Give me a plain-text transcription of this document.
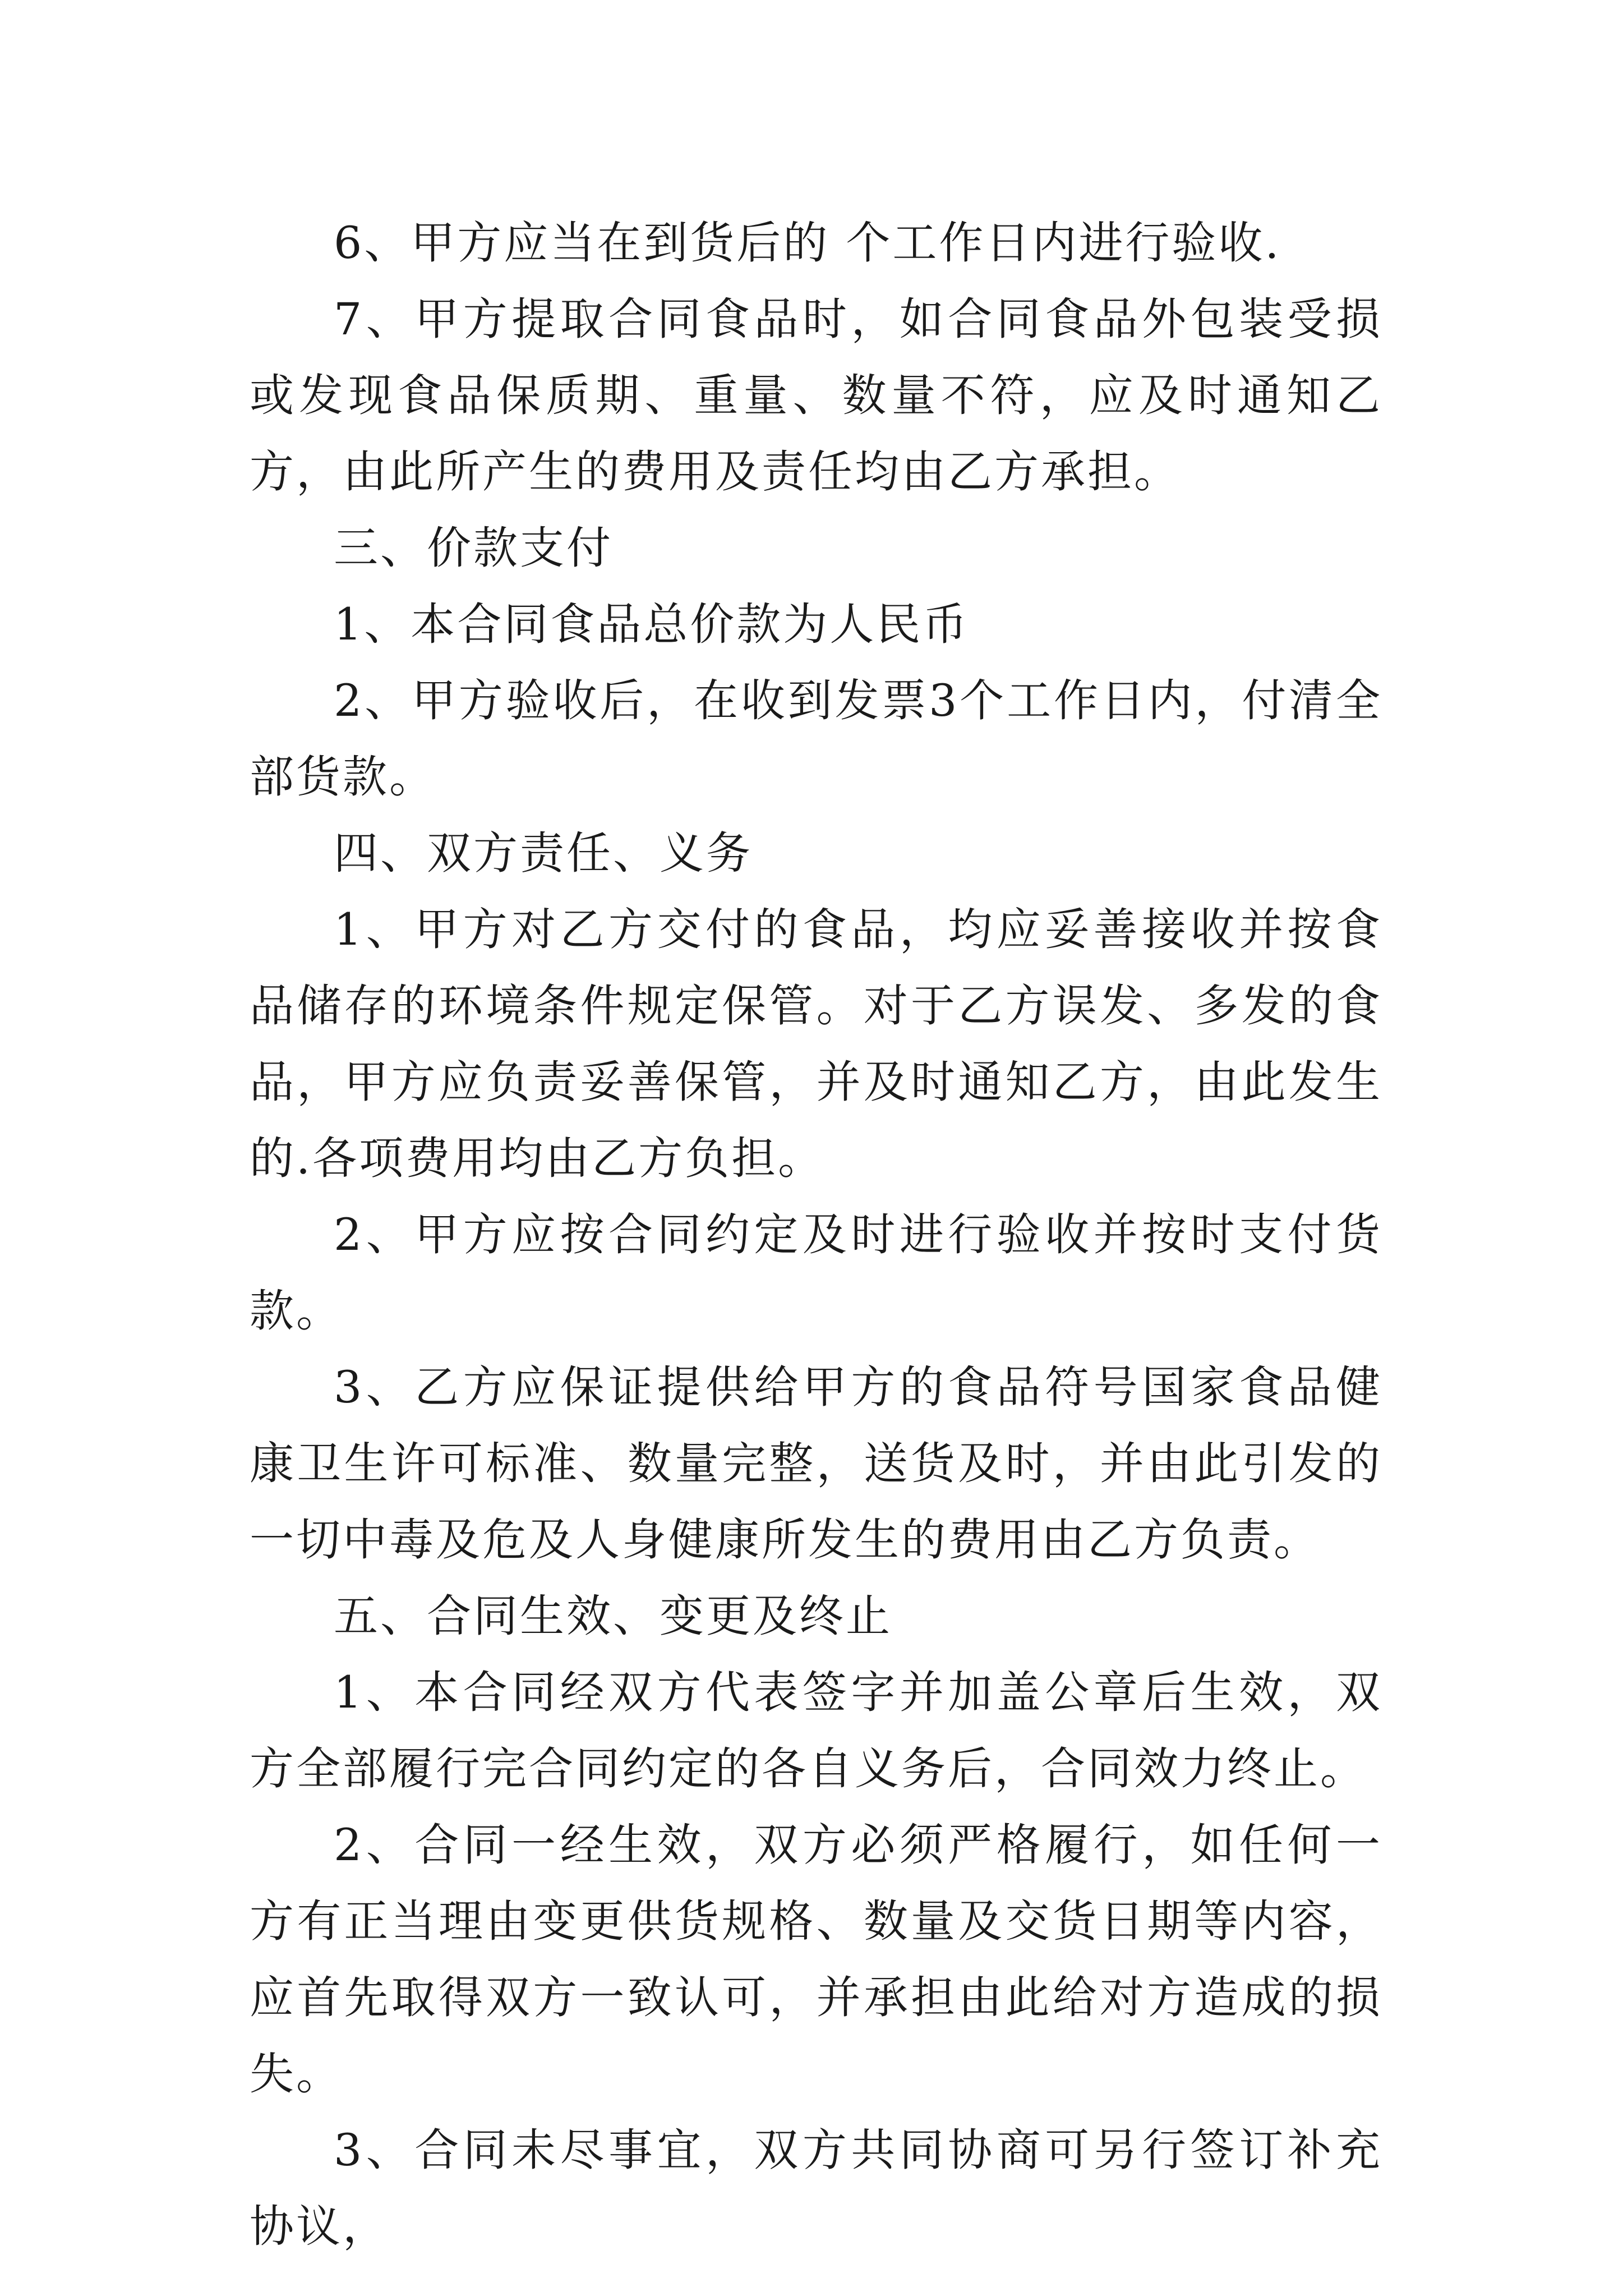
6、甲方应当在到货后的 个工作日内进行验收.

7、甲方提取合同食品时，如合同食品外包装受损或发现食品保质期、重量、数量不符，应及时通知乙方，由此所产生的费用及责任均由乙方承担。

三、价款支付

1、本合同食品总价款为人民币

2、甲方验收后，在收到发票3个工作日内，付清全部货款。

四、双方责任、义务

1、甲方对乙方交付的食品，均应妥善接收并按食品储存的环境条件规定保管。对于乙方误发、多发的食品，甲方应负责妥善保管，并及时通知乙方，由此发生的.各项费用均由乙方负担。

2、甲方应按合同约定及时进行验收并按时支付货款。

3、乙方应保证提供给甲方的食品符号国家食品健康卫生许可标准、数量完整，送货及时，并由此引发的一切中毒及危及人身健康所发生的费用由乙方负责。

五、合同生效、变更及终止

1、本合同经双方代表签字并加盖公章后生效，双方全部履行完合同约定的各自义务后，合同效力终止。

2、合同一经生效，双方必须严格履行，如任何一方有正当理由变更供货规格、数量及交货日期等内容，应首先取得双方一致认可，并承担由此给对方造成的损失。

3、合同未尽事宜，双方共同协商可另行签订补充协议，
